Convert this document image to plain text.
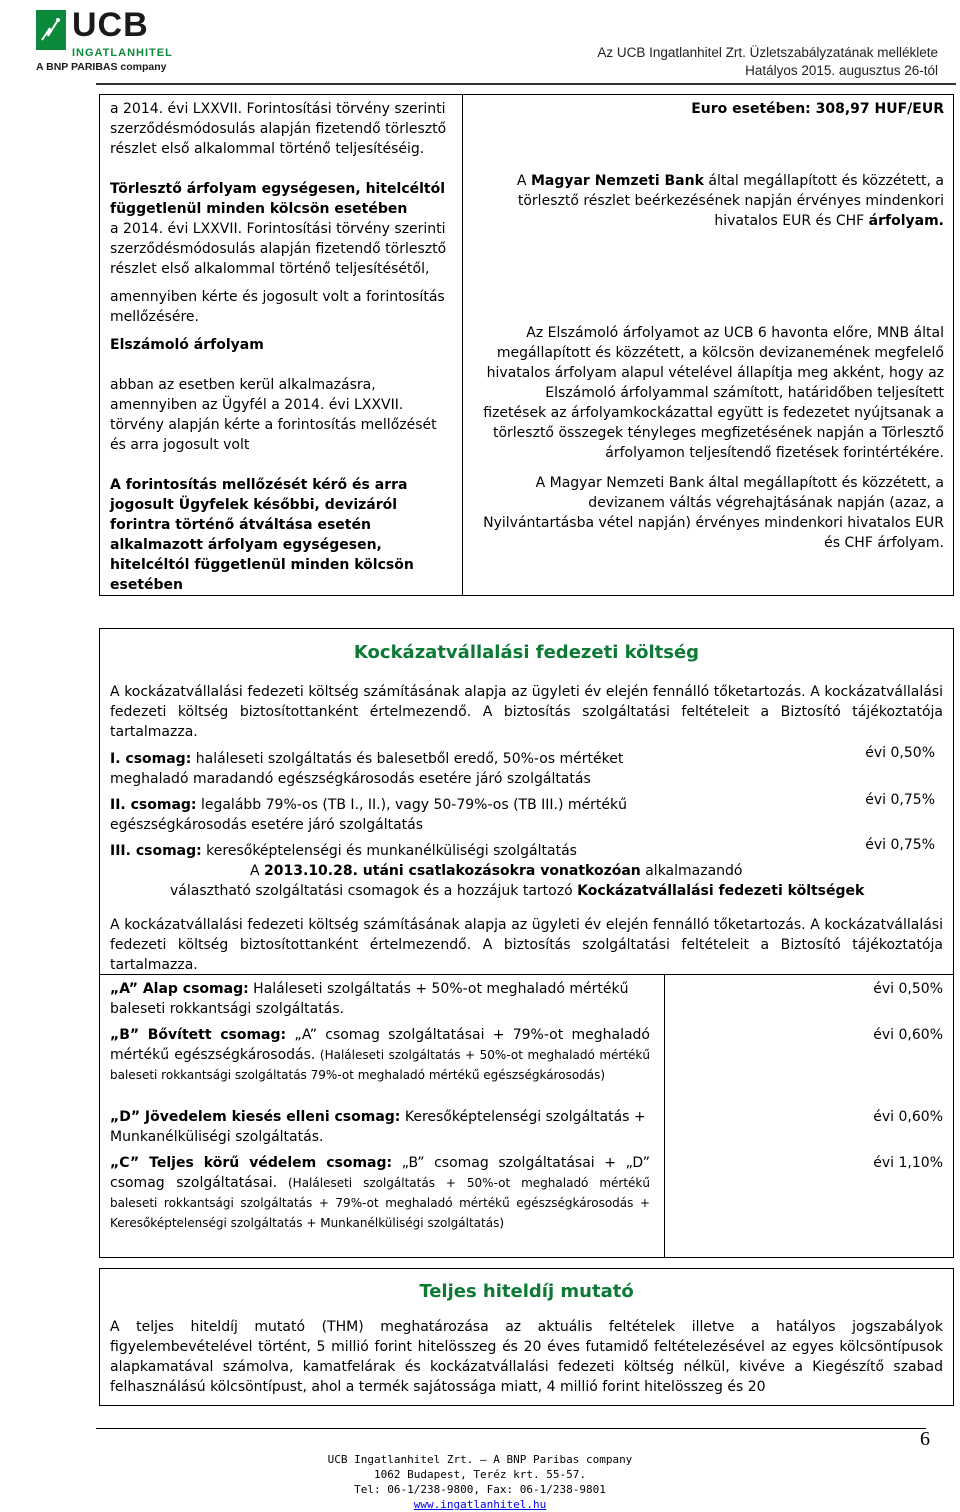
UCB
INGATLANHITEL
A BNP PARIBAS company
Az UCB Ingatlanhitel Zrt. Üzletszabályzatának melléklete
Hatályos 2015. augusztus 26-tól

a 2014. évi LXXVII. Forintosítási törvény szerinti szerződésmódosulás alapján fizetendő törlesztő részlet első alkalommal történő teljesítéséig.

Törlesztő árfolyam egységesen, hitelcéltól függetlenül minden kölcsön esetében

a 2014. évi LXXVII. Forintosítási törvény szerinti szerződésmódosulás alapján fizetendő törlesztő részlet első alkalommal történő teljesítésétől,

amennyiben kérte és jogosult volt a forintosítás mellőzésére.

Elszámoló árfolyam

abban az esetben kerül alkalmazásra, amennyiben az Ügyfél a 2014. évi LXXVII. törvény alapján kérte a forintosítás mellőzését és arra jogosult volt

A forintosítás mellőzését kérő és arra jogosult Ügyfelek későbbi, devizáról forintra történő átváltása esetén alkalmazott árfolyam egységesen, hitelcéltól függetlenül minden kölcsön esetében

Euro esetében: 308,97 HUF/EUR

A Magyar Nemzeti Bank által megállapított és közzétett, a törlesztő részlet beérkezésének napján érvényes mindenkori hivatalos EUR és CHF árfolyam.

Az Elszámoló árfolyamot az UCB 6 havonta előre, MNB által megállapított és közzétett, a kölcsön devizanemének megfelelő hivatalos árfolyam alapul vételével állapítja meg akként, hogy az Elszámoló árfolyammal számított, határidőben teljesített fizetések az árfolyamkockázattal együtt is fedezetet nyújtsanak a törlesztő összegek tényleges megfizetésének napján a Törlesztő árfolyamon teljesítendő fizetések forintértékére.

A Magyar Nemzeti Bank által megállapított és közzétett, a devizanem váltás végrehajtásának napján (azaz, a Nyilvántartásba vétel napján) érvényes mindenkori hivatalos EUR és CHF árfolyam.

Kockázatvállalási fedezeti költség
A kockázatvállalási fedezeti költség számításának alapja az ügyleti év elején fennálló tőketartozás. A kockázatvállalási fedezeti költség biztosítottanként értelmezendő. A biztosítás szolgáltatási feltételeit a Biztosító tájékoztatója tartalmazza.
I. csomag: haláleseti szolgáltatás és balesetből eredő, 50%-os mértéket meghaladó maradandó egészségkárosodás esetére járó szolgáltatás
évi 0,50%
II. csomag: legalább 79%-os (TB I., II.), vagy 50-79%-os (TB III.) mértékű egészségkárosodás esetére járó szolgáltatás
évi 0,75%
III. csomag: keresőképtelenségi és munkanélküliségi szolgáltatás	évi 0,75%
A 2013.10.28. utáni csatlakozásokra vonatkozóan alkalmazandó
választható szolgáltatási csomagok és a hozzájuk tartozó Kockázatvállalási fedezeti költségek
A kockázatvállalási fedezeti költség számításának alapja az ügyleti év elején fennálló tőketartozás. A kockázatvállalási fedezeti költség biztosítottanként értelmezendő. A biztosítás szolgáltatási feltételeit a Biztosító tájékoztatója tartalmazza.
„A” Alap csomag: Haláleseti szolgáltatás + 50%-ot meghaladó mértékű baleseti rokkantsági szolgáltatás.
évi 0,50%
„B” Bővített csomag: „A” csomag szolgáltatásai + 79%-ot meghaladó mértékű egészségkárosodás. (Haláleseti szolgáltatás + 50%-ot meghaladó mértékű baleseti rokkantsági szolgáltatás 79%-ot meghaladó mértékű egészségkárosodás)
évi 0,60%
„D” Jövedelem kiesés elleni csomag: Keresőképtelenségi szolgáltatás + Munkanélküliségi szolgáltatás.
évi 0,60%
„C” Teljes körű védelem csomag: „B” csomag szolgáltatásai + „D” csomag szolgáltatásai. (Haláleseti szolgáltatás + 50%-ot meghaladó mértékű baleseti rokkantsági szolgáltatás + 79%-ot meghaladó mértékű egészségkárosodás + Keresőképtelenségi szolgáltatás + Munkanélküliségi szolgáltatás)
évi 1,10%
Teljes hiteldíj mutató
A teljes hiteldíj mutató (THM) meghatározása az aktuális feltételek illetve a hatályos jogszabályok figyelembevételével történt, 5 millió forint hitelösszeg és 20 éves futamidő feltételezésével az egyes kölcsöntípusok alapkamatával számolva, kamatfelárak és kockázatvállalási fedezeti költség nélkül, kivéve a Kiegészítő szabad felhasználású kölcsöntípust, ahol a termék sajátossága miatt, 4 millió forint hitelösszeg és 20
6
UCB Ingatlanhitel Zrt. – A BNP Paribas company
1062 Budapest, Teréz krt. 55-57.
Tel: 06-1/238-9800, Fax: 06-1/238-9801
www.ingatlanhitel.hu
